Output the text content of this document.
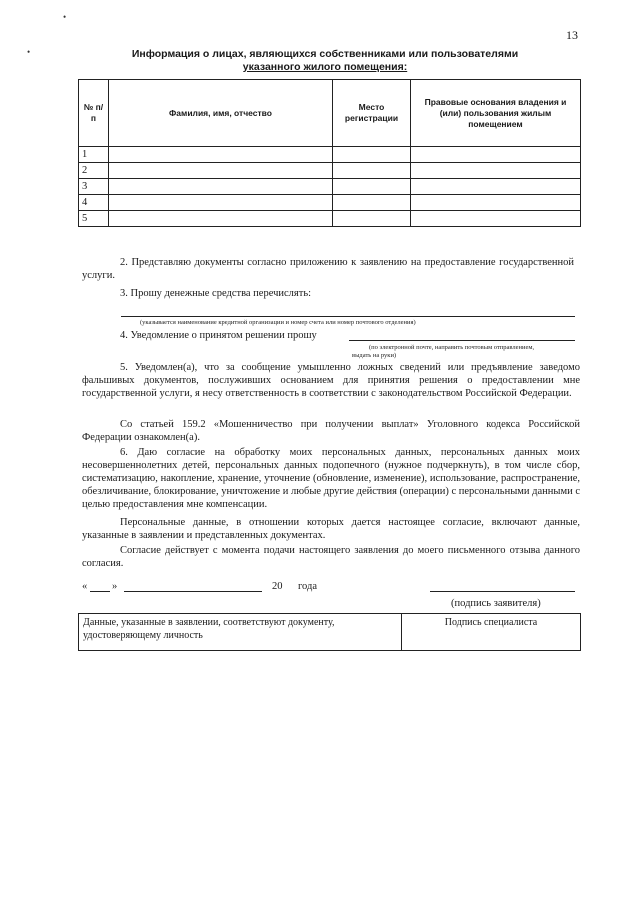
13
•
•	Информация о лицах, являющихся собственниками или пользователями
указанного жилого помещения:
№ п/п	Фамилия, имя, отчество	Место регистрации	Правовые основания владения и (или) пользования жилым помещением
1			
2			
3			
4			
5			
2. Представляю документы согласно приложению к заявлению на предоставление государственной услуги.
3. Прошу денежные средства перечислять:
(указывается наименование кредитной организации и номер счета или номер почтового отделения)
4. Уведомление о принятом решении прошу
(по электронной почте, направить почтовым отправлением,
выдать на руки)
5. Уведомлен(а), что за сообщение умышленно ложных сведений или предъявление заведомо фальшивых документов, послуживших основанием для принятия решения о предоставлении мне государственной услуги, я несу ответственность в соответствии с законодательством Российской Федерации.
Со статьей 159.2 «Мошенничество при получении выплат» Уголовного кодекса Российской Федерации ознакомлен(а).
6. Даю согласие на обработку моих персональных данных, персональных данных моих несовершеннолетних детей, персональных данных подопечного (нужное подчеркнуть), в том числе сбор, систематизацию, накопление, хранение, уточнение (обновление, изменение), использование, распространение, обезличивание, блокирование, уничтожение и любые другие действия (операции) с персональными данными с целью предоставления мне компенсации.
Персональные данные, в отношении которых дается настоящее согласие, включают данные, указанные в заявлении и представленных документах.
Согласие действует с момента подачи настоящего заявления до моего письменного отзыва данного согласия.
« »	20 года
(подпись заявителя)
Данные, указанные в заявлении, соответствуют документу, удостоверяющему личность	Подпись специалиста
